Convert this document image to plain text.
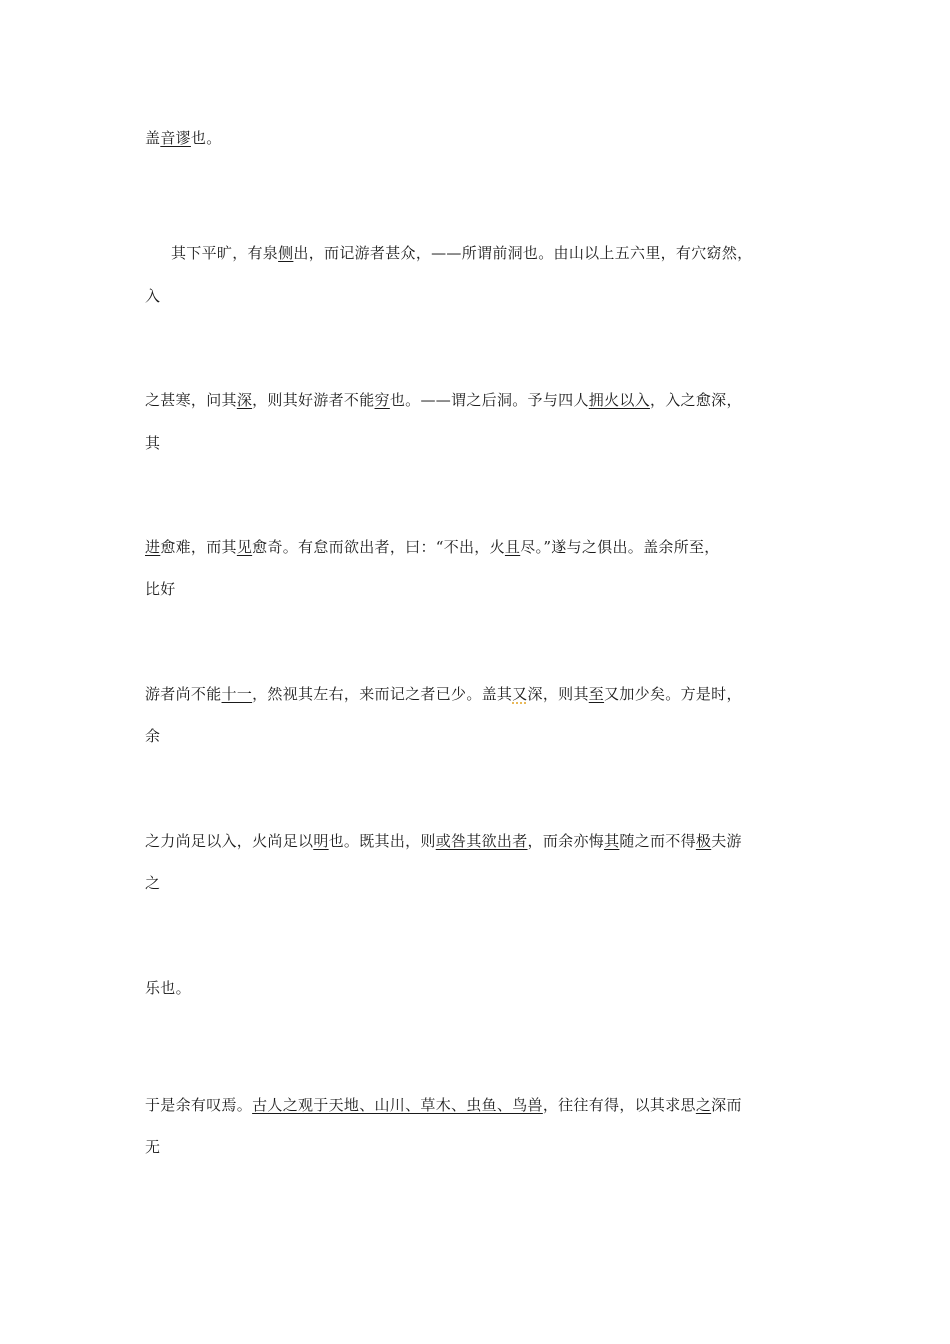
盖音谬也。
其下平旷，有泉侧出，而记游者甚众，——所谓前洞也。由山以上五六里，有穴窈然，
入
之甚寒，问其深，则其好游者不能穷也。——谓之后洞。予与四人拥火以入，入之愈深，
其
进愈难，而其见愈奇。有怠而欲出者，曰：“不出，火且尽。”遂与之俱出。盖余所至，
比好
游者尚不能十一，然视其左右，来而记之者已少。盖其又深，则其至又加少矣。方是时，
余
之力尚足以入，火尚足以明也。既其出，则或咎其欲出者，而余亦悔其随之而不得极夫游
之
乐也。
于是余有叹焉。古人之观于天地、山川、草木、虫鱼、鸟兽，往往有得，以其求思之深而
无
